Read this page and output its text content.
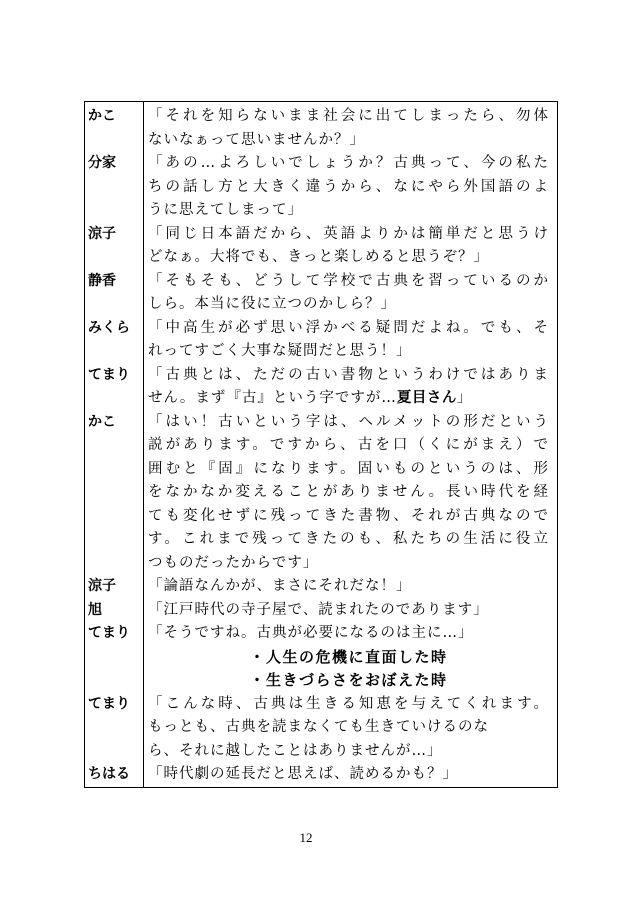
かこ	「それを知らないまま社会に出てしまったら、勿体
ないなぁって思いませんか？」
分家	「あの…よろしいでしょうか？古典って、今の私た
ちの話し方と大きく違うから、なにやら外国語のよ
うに思えてしまって」
涼子	「同じ日本語だから、英語よりかは簡単だと思うけ
どなぁ。大将でも、きっと楽しめると思うぞ？」
静香	「そもそも、どうして学校で古典を習っているのか
しら。本当に役に立つのかしら？」
みくら	「中高生が必ず思い浮かべる疑問だよね。でも、そ
れってすごく大事な疑問だと思う！」
てまり	「古典とは、ただの古い書物というわけではありま
せん。まず『古』という字ですが…夏目さん」
かこ	「はい！古いという字は、ヘルメットの形だという
説があります。ですから、古を口（くにがまえ）で
囲むと『固』になります。固いものというのは、形
をなかなか変えることがありません。長い時代を経
ても変化せずに残ってきた書物、それが古典なので
す。これまで残ってきたのも、私たちの生活に役立
つものだったからです」
涼子	「論語なんかが、まさにそれだな！」
旭	「江戸時代の寺子屋で、読まれたのであります」
てまり	「そうですね。古典が必要になるのは主に…」
・人生の危機に直面した時
・生きづらさをおぼえた時
てまり	「こんな時、古典は生きる知恵を与えてくれます。
もっとも、古典を読まなくても生きていけるのな
ら、それに越したことはありませんが…」
ちはる	「時代劇の延長だと思えば、読めるかも？」
12
